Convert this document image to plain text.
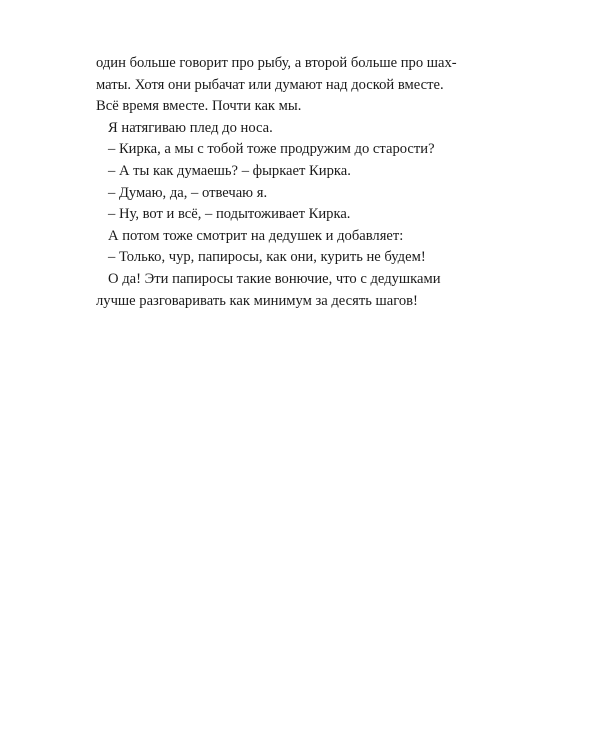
один больше говорит про рыбу, а второй больше про шах-
маты. Хотя они рыбачат или думают над доской вместе.
Всё время вместе. Почти как мы.
Я натягиваю плед до носа.
– Кирка, а мы с тобой тоже продружим до старости?
– А ты как думаешь? – фыркает Кирка.
– Думаю, да, – отвечаю я.
– Ну, вот и всё, – подытоживает Кирка.
А потом тоже смотрит на дедушек и добавляет:
– Только, чур, папиросы, как они, курить не будем!
О да! Эти папиросы такие вонючие, что с дедушками
лучше разговаривать как минимум за десять шагов!
